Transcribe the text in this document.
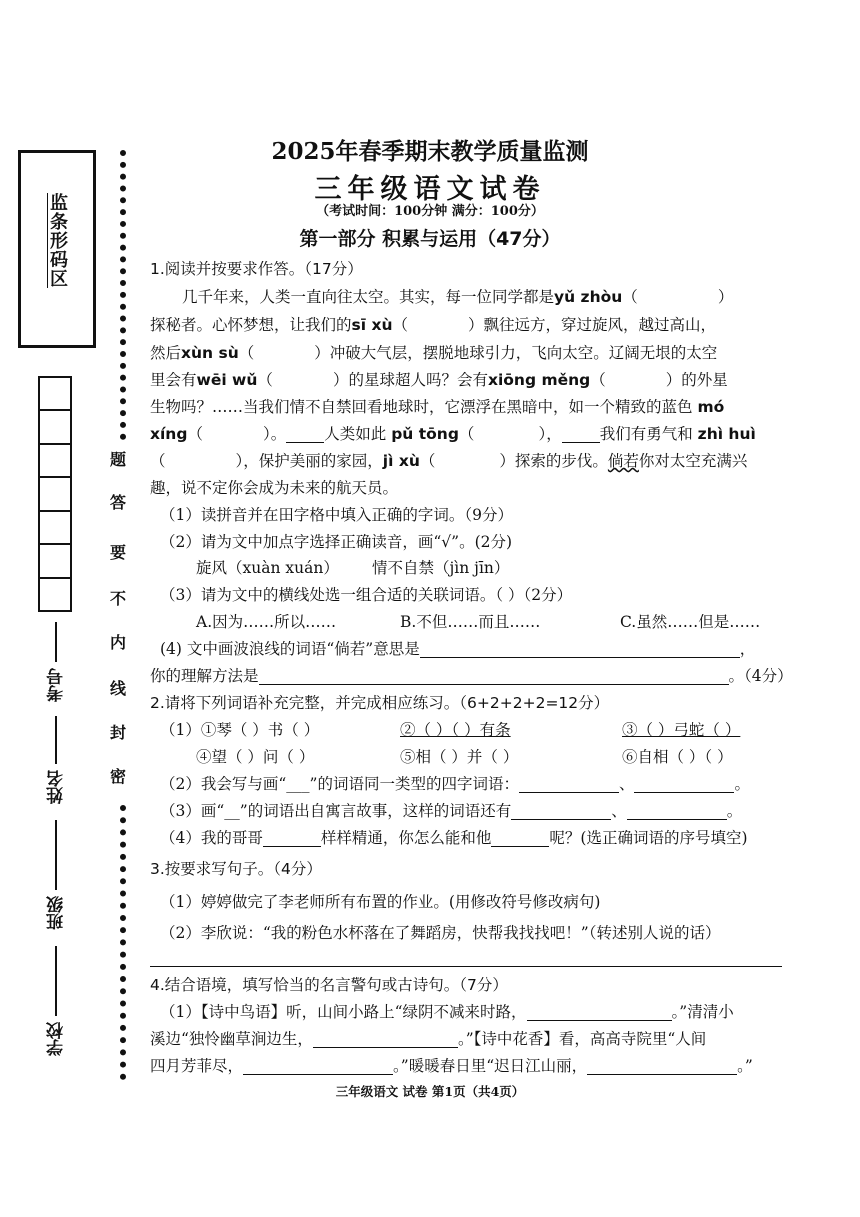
监条形码区
考号
姓名
班级
学校
题
答
要
不
内
线
封
密
2025年春季期末教学质量监测
三年级语文试卷
（考试时间：100分钟 满分：100分）
第一部分 积累与运用（47分）
1.阅读并按要求作答。（17分）
几千年来，人类一直向往太空。其实，每一位同学都是yǔ zhòu（	）
探秘者。心怀梦想，让我们的sī xù（	）飘往远方，穿过旋风，越过高山，
然后xùn sù（	）冲破大气层，摆脱地球引力，飞向太空。辽阔无垠的太空
里会有wēi wǔ（	）的星球超人吗？会有xiōng měng（	）的外星
生物吗？……当我们情不自禁回看地球时，它漂浮在黑暗中，如一个精致的蓝色 mó
xíng（	）。 人类如此 pǔ tōng（	）， 我们有勇气和 zhì huì
（	），保护美丽的家园，jì xù（	）探索的步伐。倘若你对太空充满兴
趣，说不定你会成为未来的航天员。
（1）读拼音并在田字格中填入正确的字词。（9分）
（2）请为文中加点字选择正确读音，画“√”。(2分)
旋风（xuàn xuán） 情不自禁（jìn jīn）
（3）请为文中的横线处选一组合适的关联词语。（ ）（2分）
A.因为……所以……	B.不但……而且……	C.虽然……但是……
(4) 文中画波浪线的词语“倘若”意思是	，
你的理解方法是	。（4分）
2.请将下列词语补充完整，并完成相应练习。（6+2+2+2=12分）
（1）①琴（ ）书（ ）	②（ ）（ ）有条	③（ ）弓蛇（ ）
④望（ ）问（ ）	⑤相（ ）并（ ）	⑥自相（ ）（ ）
（2）我会写与画“___”的词语同一类型的四字词语：	、	。
（3）画“__”的词语出自寓言故事，这样的词语还有	、	。
（4）我的哥哥	样样精通，你怎么能和他	呢？(选正确词语的序号填空)
3.按要求写句子。（4分）
（1）婷婷做完了李老师所有布置的作业。(用修改符号修改病句)
（2）李欣说：“我的粉色水杯落在了舞蹈房，快帮我找找吧！”（转述别人说的话）
4.结合语境，填写恰当的名言警句或古诗句。（7分）
（1）【诗中鸟语】听，山间小路上“绿阴不减来时路，	。”清清小
溪边“独怜幽草涧边生，	。”【诗中花香】看，高高寺院里“人间
四月芳菲尽，	。”暖暖春日里“迟日江山丽，	。”
三年级语文 试卷 第1页（共4页）
